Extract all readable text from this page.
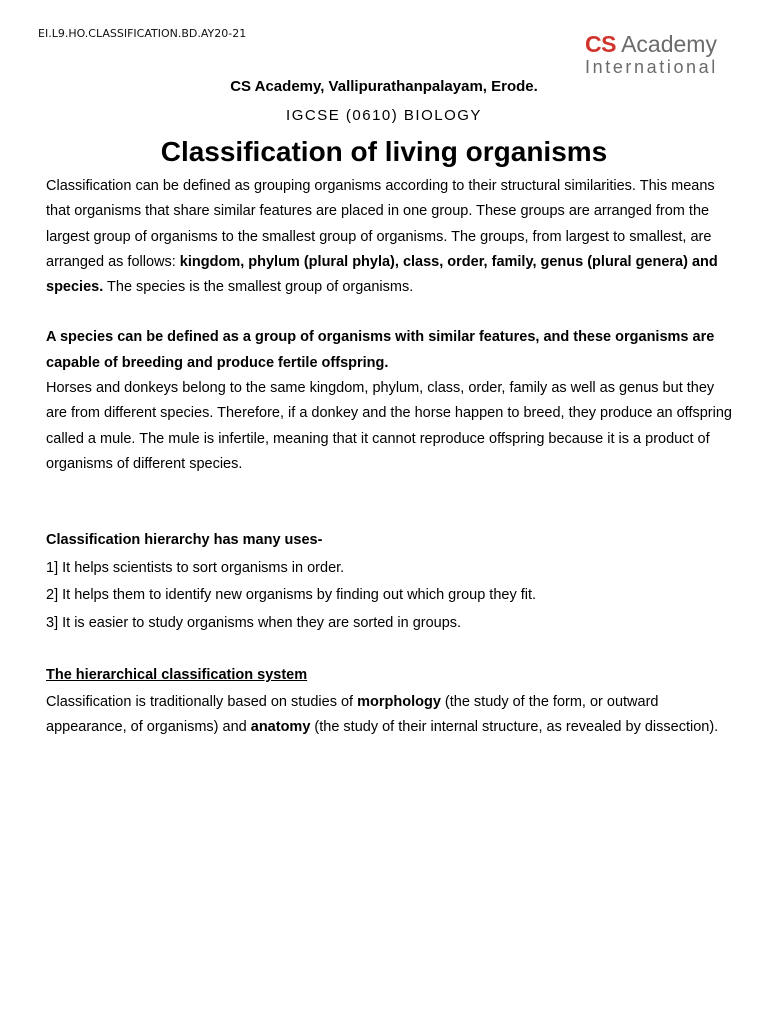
EI.L9.HO.CLASSIFICATION.BD.AY20-21	CS Academy
International
CS Academy, Vallipurathanpalayam, Erode.
IGCSE (0610) BIOLOGY
Classification of living organisms

Classification can be defined as grouping organisms according to their structural similarities. This means that organisms that share similar features are placed in one group. These groups are arranged from the largest group of organisms to the smallest group of organisms. The groups, from largest to smallest, are arranged as follows: kingdom, phylum (plural phyla), class, order, family, genus (plural genera) and species. The species is the smallest group of organisms.

A species can be defined as a group of organisms with similar features, and these organisms are capable of breeding and produce fertile offspring.

Horses and donkeys belong to the same kingdom, phylum, class, order, family as well as genus but they are from different species. Therefore, if a donkey and the horse happen to breed, they produce an offspring called a mule. The mule is infertile, meaning that it cannot reproduce offspring because it is a product of organisms of different species.

Classification hierarchy has many uses-

1] It helps scientists to sort organisms in order.

2] It helps them to identify new organisms by finding out which group they fit.

3] It is easier to study organisms when they are sorted in groups.

The hierarchical classification system

Classification is traditionally based on studies of morphology (the study of the form, or outward appearance, of organisms) and anatomy (the study of their internal structure, as revealed by dissection).
